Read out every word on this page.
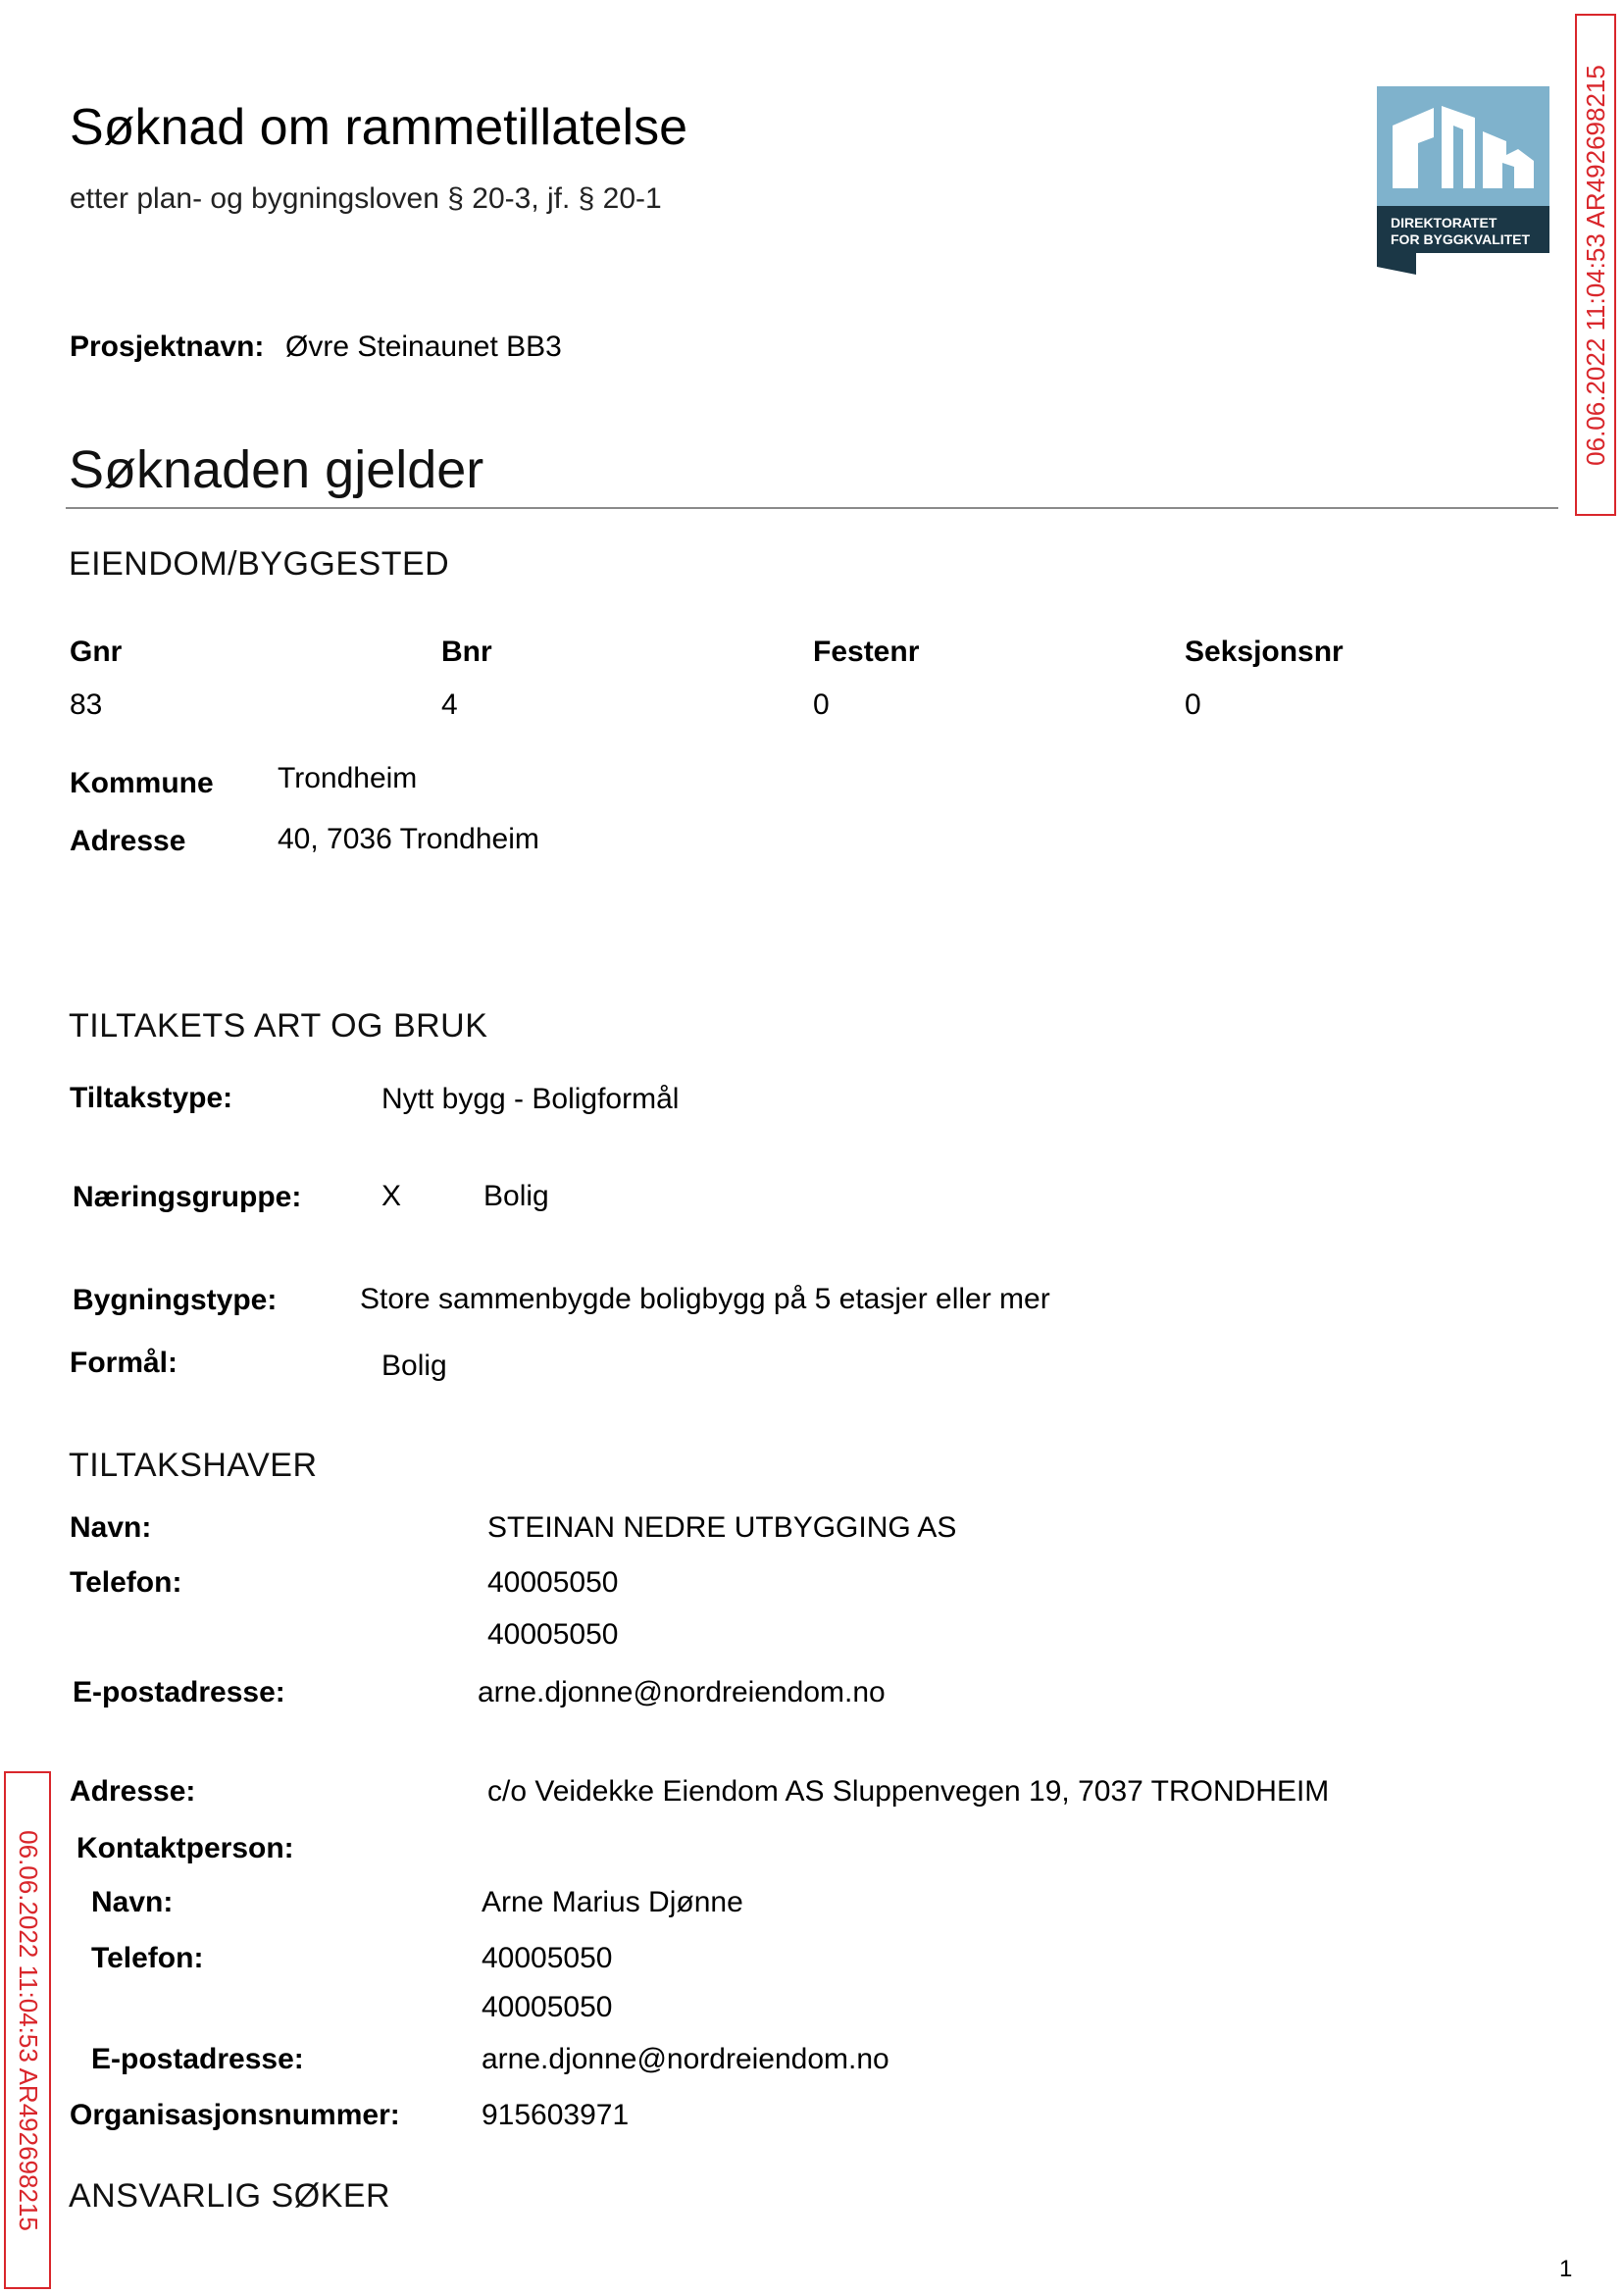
Søknad om rammetillatelse
etter plan- og bygningsloven § 20-3, jf. § 20-1
DIREKTORATET
FOR BYGGKVALITET 06.06.2022 11:04:53 AR492698215
06.06.2022 11:04:53 AR492698215
Prosjektnavn: Øvre Steinaunet BB3
Søknaden gjelder
EIENDOM/BYGGESTED
Gnr	Bnr	Festenr	Seksjonsnr
83	4	0	0
Kommune Trondheim
Adresse	40, 7036 Trondheim
TILTAKETS ART OG BRUK
Tiltakstype:	Nytt bygg - Boligformål
Næringsgruppe:	X	Bolig
Bygningstype:	Store sammenbygde boligbygg på 5 etasjer eller mer
Formål:	Bolig
TILTAKSHAVER
Navn:	STEINAN NEDRE UTBYGGING AS
Telefon:	40005050
40005050
E-postadresse:	arne.djonne@nordreiendom.no
Adresse:	c/o Veidekke Eiendom AS Sluppenvegen 19, 7037 TRONDHEIM
Kontaktperson:
Navn:	Arne Marius Djønne
Telefon:	40005050
40005050
E-postadresse:	arne.djonne@nordreiendom.no
Organisasjonsnummer:	915603971
ANSVARLIG SØKER
1
